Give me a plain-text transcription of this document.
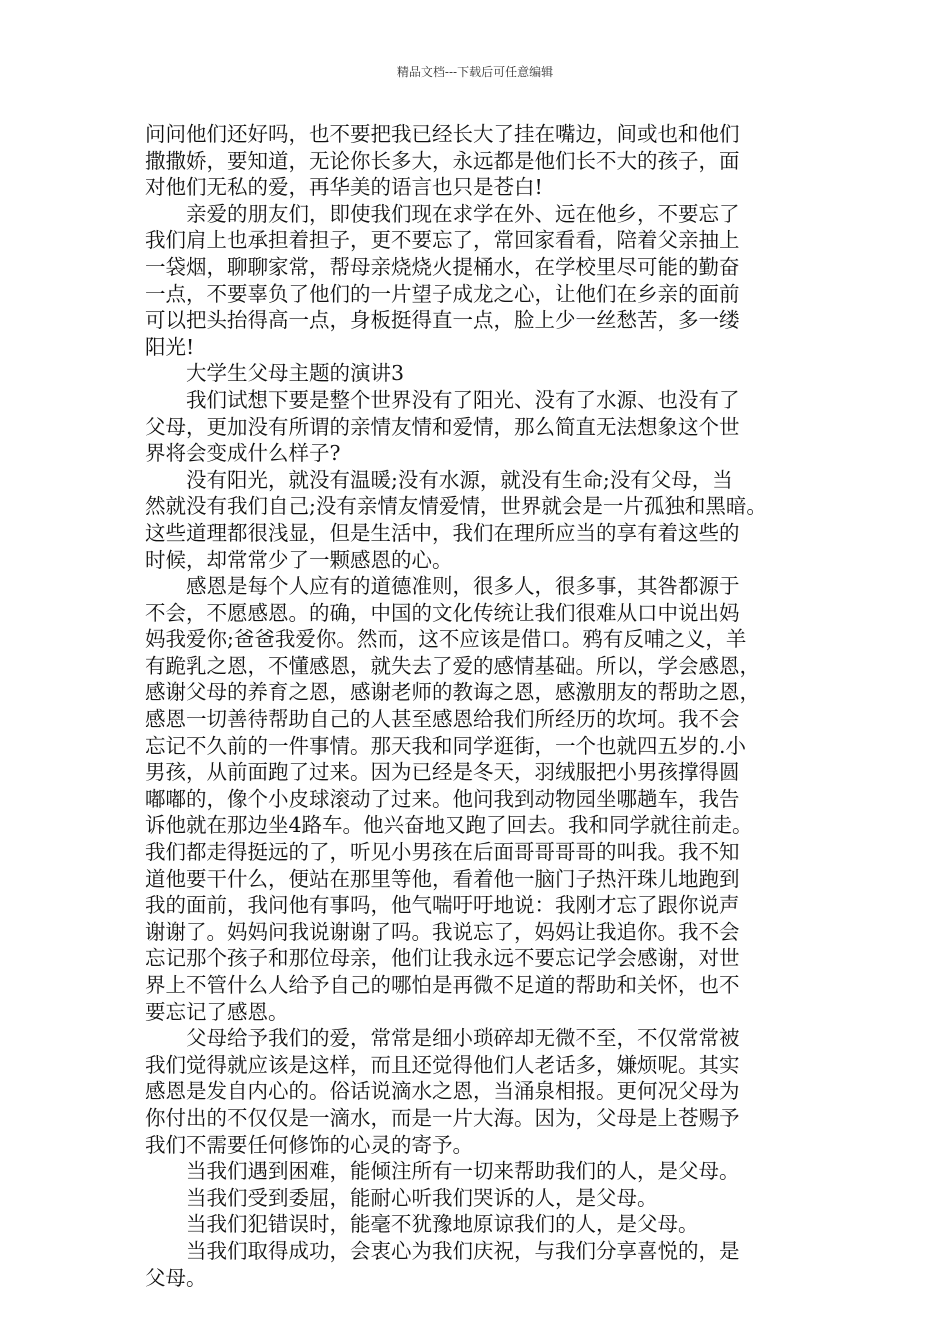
精品文档---下载后可任意编辑

问问他们还好吗，也不要把我已经长大了挂在嘴边，间或也和他们
撒撒娇，要知道，无论你长多大，永远都是他们长不大的孩子，面
对他们无私的爱，再华美的语言也只是苍白!

亲爱的朋友们，即使我们现在求学在外、远在他乡，不要忘了
我们肩上也承担着担子，更不要忘了，常回家看看，陪着父亲抽上
一袋烟，聊聊家常，帮母亲烧烧火提桶水，在学校里尽可能的勤奋
一点，不要辜负了他们的一片望子成龙之心，让他们在乡亲的面前
可以把头抬得高一点，身板挺得直一点，脸上少一丝愁苦，多一缕
阳光!

大学生父母主题的演讲3

我们试想下要是整个世界没有了阳光、没有了水源、也没有了
父母，更加没有所谓的亲情友情和爱情，那么简直无法想象这个世
界将会变成什么样子?

没有阳光，就没有温暖;没有水源，就没有生命;没有父母，当
然就没有我们自己;没有亲情友情爱情，世界就会是一片孤独和黑暗。
这些道理都很浅显，但是生活中，我们在理所应当的享有着这些的
时候，却常常少了一颗感恩的心。

感恩是每个人应有的道德准则，很多人，很多事，其咎都源于
不会，不愿感恩。的确，中国的文化传统让我们很难从口中说出妈
妈我爱你;爸爸我爱你。然而，这不应该是借口。鸦有反哺之义，羊
有跪乳之恩，不懂感恩，就失去了爱的感情基础。所以，学会感恩，
感谢父母的养育之恩，感谢老师的教诲之恩，感激朋友的帮助之恩，
感恩一切善待帮助自己的人甚至感恩给我们所经历的坎坷。我不会
忘记不久前的一件事情。那天我和同学逛街，一个也就四五岁的.小
男孩，从前面跑了过来。因为已经是冬天，羽绒服把小男孩撑得圆
嘟嘟的，像个小皮球滚动了过来。他问我到动物园坐哪趟车，我告
诉他就在那边坐4路车。他兴奋地又跑了回去。我和同学就往前走。
我们都走得挺远的了，听见小男孩在后面哥哥哥哥的叫我。我不知
道他要干什么，便站在那里等他，看着他一脑门子热汗珠儿地跑到
我的面前，我问他有事吗，他气喘吁吁地说：我刚才忘了跟你说声
谢谢了。妈妈问我说谢谢了吗。我说忘了，妈妈让我追你。我不会
忘记那个孩子和那位母亲，他们让我永远不要忘记学会感谢，对世
界上不管什么人给予自己的哪怕是再微不足道的帮助和关怀，也不
要忘记了感恩。

父母给予我们的爱，常常是细小琐碎却无微不至，不仅常常被
我们觉得就应该是这样，而且还觉得他们人老话多，嫌烦呢。其实
感恩是发自内心的。俗话说滴水之恩，当涌泉相报。更何况父母为
你付出的不仅仅是一滴水，而是一片大海。因为，父母是上苍赐予
我们不需要任何修饰的心灵的寄予。

当我们遇到困难，能倾注所有一切来帮助我们的人，是父母。

当我们受到委屈，能耐心听我们哭诉的人，是父母。

当我们犯错误时，能毫不犹豫地原谅我们的人，是父母。

当我们取得成功，会衷心为我们庆祝，与我们分享喜悦的，是
父母。
